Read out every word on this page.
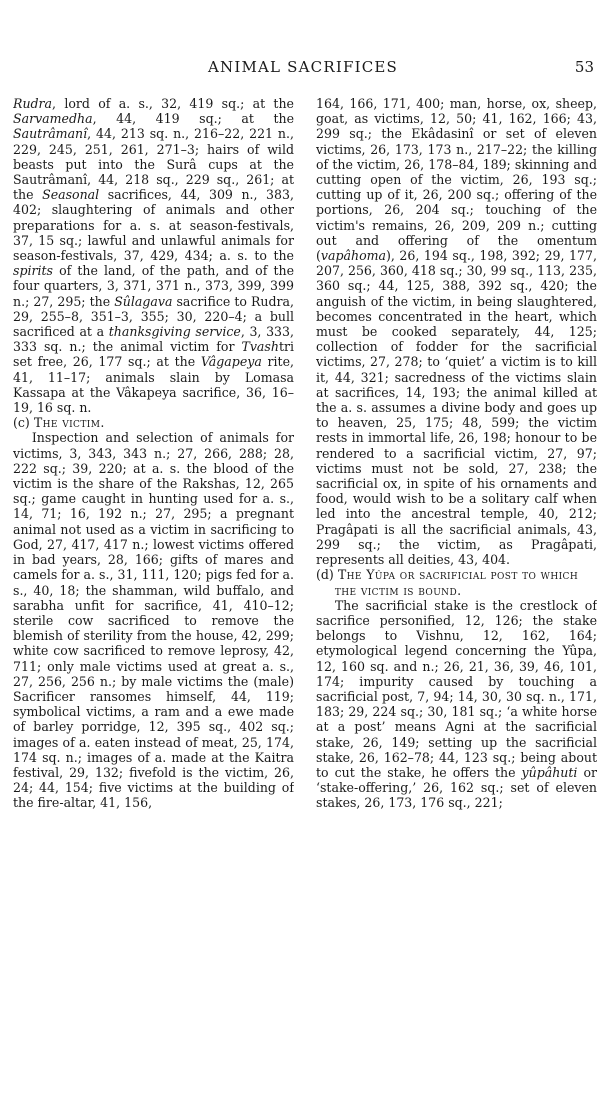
ANIMAL SACRIFICES	53

Rudra, lord of a. s., 32, 419 sq.; at the Sarvamedha, 44, 419 sq.; at the Sautrâmanî, 44, 213 sq. n., 216–22, 221 n., 229, 245, 251, 261, 271–3; hairs of wild beasts put into the Surâ cups at the Sautrâmanî, 44, 218 sq., 229 sq., 261; at the Seasonal sacrifices, 44, 309 n., 383, 402; slaughtering of animals and other preparations for a. s. at season-festivals, 37, 15 sq.; lawful and unlawful animals for season-festivals, 37, 429, 434; a. s. to the spirits of the land, of the path, and of the four quarters, 3, 371, 371 n., 373, 399, 399 n.; 27, 295; the Sûlagava sacrifice to Rudra, 29, 255–8, 351–3, 355; 30, 220–4; a bull sacrificed at a thanksgiving service, 3, 333, 333 sq. n.; the animal victim for Tvashtri set free, 26, 177 sq.; at the Vâgapeya rite, 41, 11–17; animals slain by Lomasa Kassapa at the Vâkapeya sacrifice, 36, 16–19, 16 sq. n.

(c) The victim.

Inspection and selection of animals for victims, 3, 343, 343 n.; 27, 266, 288; 28, 222 sq.; 39, 220; at a. s. the blood of the victim is the share of the Rakshas, 12, 265 sq.; game caught in hunting used for a. s., 14, 71; 16, 192 n.; 27, 295; a pregnant animal not used as a victim in sacrificing to God, 27, 417, 417 n.; lowest victims offered in bad years, 28, 166; gifts of mares and camels for a. s., 31, 111, 120; pigs fed for a. s., 40, 18; the shamman, wild buffalo, and sarabha unfit for sacrifice, 41, 410–12; sterile cow sacrificed to remove the blemish of sterility from the house, 42, 299; white cow sacrificed to remove leprosy, 42, 711; only male victims used at great a. s., 27, 256, 256 n.; by male victims the (male) Sacrificer ransomes himself, 44, 119; symbolical victims, a ram and a ewe made of barley porridge, 12, 395 sq., 402 sq.; images of a. eaten instead of meat, 25, 174, 174 sq. n.; images of a. made at the Kaitra festival, 29, 132; fivefold is the victim, 26, 24; 44, 154; five victims at the building of the fire-altar, 41, 156,

164, 166, 171, 400; man, horse, ox, sheep, goat, as victims, 12, 50; 41, 162, 166; 43, 299 sq.; the Ekâdasinî or set of eleven victims, 26, 173, 173 n., 217–22; the killing of the victim, 26, 178–84, 189; skinning and cutting open of the victim, 26, 193 sq.; cutting up of it, 26, 200 sq.; offering of the portions, 26, 204 sq.; touching of the victim's remains, 26, 209, 209 n.; cutting out and offering of the omentum (vapâhoma), 26, 194 sq., 198, 392; 29, 177, 207, 256, 360, 418 sq.; 30, 99 sq., 113, 235, 360 sq.; 44, 125, 388, 392 sq., 420; the anguish of the victim, in being slaughtered, becomes concentrated in the heart, which must be cooked separately, 44, 125; collection of fodder for the sacrificial victims, 27, 278; to ‘quiet’ a victim is to kill it, 44, 321; sacredness of the victims slain at sacrifices, 14, 193; the animal killed at the a. s. assumes a divine body and goes up to heaven, 25, 175; 48, 599; the victim rests in immortal life, 26, 198; honour to be rendered to a sacrificial victim, 27, 97; victims must not be sold, 27, 238; the sacrificial ox, in spite of his ornaments and food, would wish to be a solitary calf when led into the ancestral temple, 40, 212; Pragâpati is all the sacrificial animals, 43, 299 sq.; the victim, as Pragâpati, represents all deities, 43, 404.

(d) The Yûpa or sacrificial post to which the victim is bound.

The sacrificial stake is the crestlock of sacrifice personified, 12, 126; the stake belongs to Vishnu, 12, 162, 164; etymological legend concerning the Yûpa, 12, 160 sq. and n.; 26, 21, 36, 39, 46, 101, 174; impurity caused by touching a sacrificial post, 7, 94; 14, 30, 30 sq. n., 171, 183; 29, 224 sq.; 30, 181 sq.; ‘a white horse at a post’ means Agni at the sacrificial stake, 26, 149; setting up the sacrificial stake, 26, 162–78; 44, 123 sq.; being about to cut the stake, he offers the yûpâhuti or ‘stake-offering,’ 26, 162 sq.; set of eleven stakes, 26, 173, 176 sq., 221;
